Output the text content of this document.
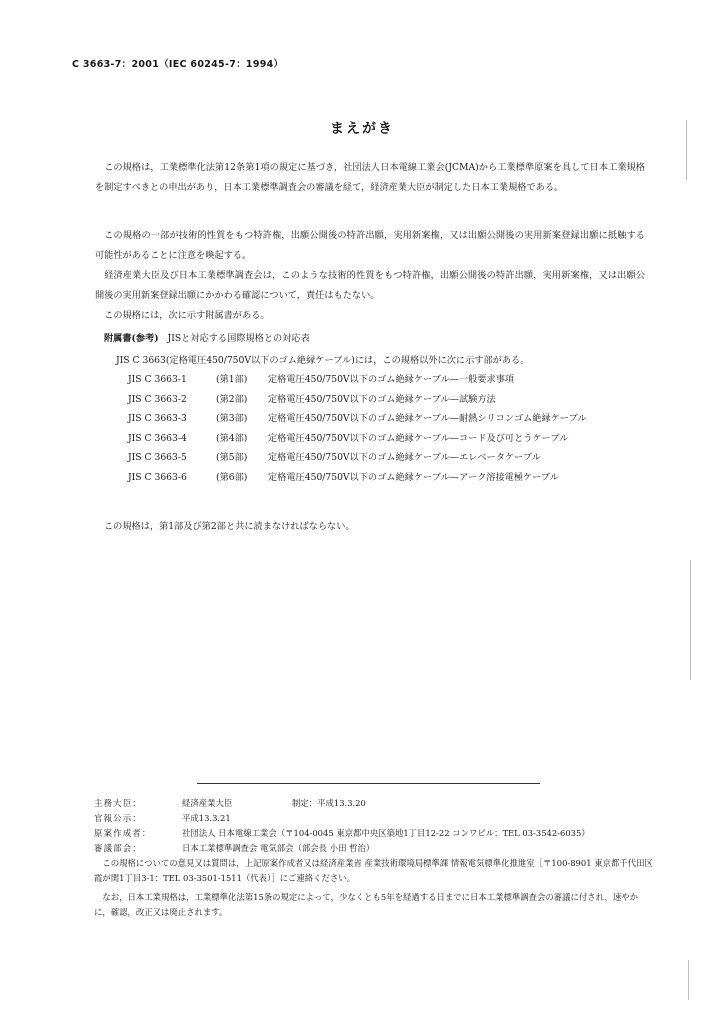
C 3663-7：2001（IEC 60245-7：1994）
まえがき
この規格は，工業標準化法第12条第1項の規定に基づき，社団法人日本電線工業会(JCMA)から工業標準原案を具して日本工業規格を制定すべきとの申出があり，日本工業標準調査会の審議を経て，経済産業大臣が制定した日本工業規格である。
この規格の一部が技術的性質をもつ特許権，出願公開後の特許出願，実用新案権，又は出願公開後の実用新案登録出願に抵触する可能性があることに注意を喚起する。
経済産業大臣及び日本工業標準調査会は，このような技術的性質をもつ特許権，出願公開後の特許出願，実用新案権，又は出願公開後の実用新案登録出願にかかわる確認について，責任はもたない。
この規格には，次に示す附属書がある。
附属書(参考) JISと対応する国際規格との対応表
JIS C 3663(定格電圧450/750V以下のゴム絶縁ケーブル)には，この規格以外に次に示す部がある。
JIS C 3663-1	(第1部)	定格電圧450/750V以下のゴム絶縁ケーブル—一般要求事項
JIS C 3663-2	(第2部)	定格電圧450/750V以下のゴム絶縁ケーブル—試験方法
JIS C 3663-3	(第3部)	定格電圧450/750V以下のゴム絶縁ケーブル—耐熱シリコンゴム絶縁ケーブル
JIS C 3663-4	(第4部)	定格電圧450/750V以下のゴム絶縁ケーブル—コード及び可とうケーブル
JIS C 3663-5	(第5部)	定格電圧450/750V以下のゴム絶縁ケーブル—エレベータケーブル
JIS C 3663-6	(第6部)	定格電圧450/750V以下のゴム絶縁ケーブル—アーク溶接電極ケーブル
この規格は，第1部及び第2部と共に読まなければならない。
主務大臣：	経済産業大臣	制定：平成13.3.20
官報公示：	平成13.3.21
原案作成者：	社団法人 日本電線工業会（〒104-0045 東京都中央区築地1丁目12-22 コンワビル：TEL 03-3542-6035）
審議部会：	日本工業標準調査会 電気部会（部会長 小田 哲治）
この規格についての意見又は質問は，上記原案作成者又は経済産業省 産業技術環境局標準課 情報電気標準化推進室［〒100-8901 東京都千代田区霞が関1丁目3-1：TEL 03-3501-1511（代表）］にご連絡ください。
なお，日本工業規格は，工業標準化法第15条の規定によって，少なくとも5年を経過する日までに日本工業標準調査会の審議に付され，速やかに，確認，改正又は廃止されます。
